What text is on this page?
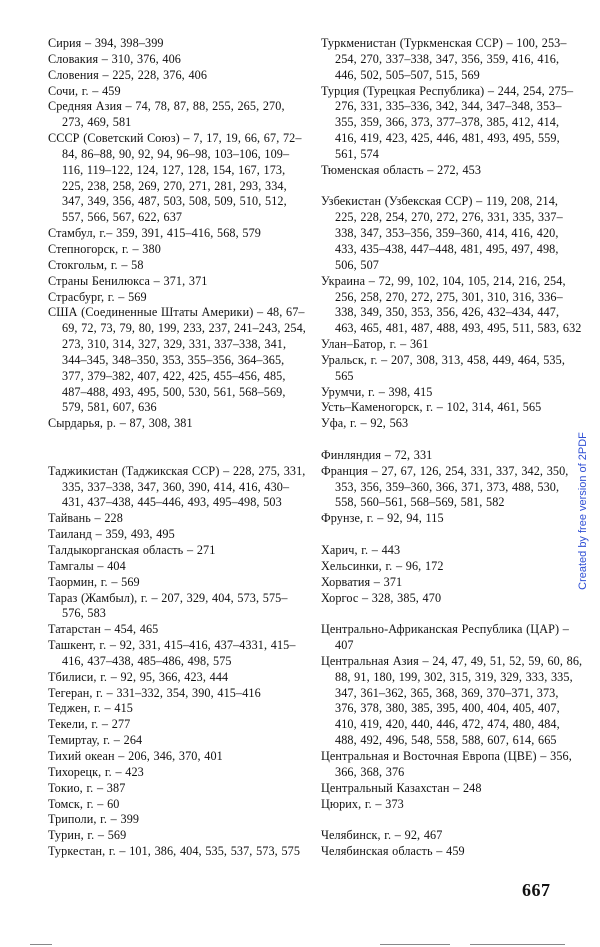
Сирия – 394, 398–399
Словакия – 310, 376, 406
Словения – 225, 228, 376, 406
Сочи, г. – 459
Средняя Азия – 74, 78, 87, 88, 255, 265, 270, 273, 469, 581
СССР (Советский Союз) – 7, 17, 19, 66, 67, 72–84, 86–88, 90, 92, 94, 96–98, 103–106, 109–116, 119–122, 124, 127, 128, 154, 167, 173, 225, 238, 258, 269, 270, 271, 281, 293, 334, 347, 349, 356, 487, 503, 508, 509, 510, 512, 557, 566, 567, 622, 637
Стамбул, г.– 359, 391, 415–416, 568, 579
Степногорск, г. – 380
Стокгольм, г. – 58
Страны Бенилюкса – 371, 371
Страсбург, г. – 569
США (Соединенные Штаты Америки) – 48, 67–69, 72, 73, 79, 80, 199, 233, 237, 241–243, 254, 273, 310, 314, 327, 329, 331, 337–338, 341, 344–345, 348–350, 353, 355–356, 364–365, 377, 379–382, 407, 422, 425, 455–456, 485, 487–488, 493, 495, 500, 530, 561, 568–569, 579, 581, 607, 636
Сырдарья, р. – 87, 308, 381
Таджикистан (Таджикская ССР) – 228, 275, 331, 335, 337–338, 347, 360, 390, 414, 416, 430–431, 437–438, 445–446, 493, 495–498, 503
Тайвань – 228
Таиланд – 359, 493, 495
Талдыкорганская область – 271
Тамгалы – 404
Таормин, г. – 569
Тараз (Жамбыл), г. – 207, 329, 404, 573, 575–576, 583
Татарстан – 454, 465
Ташкент, г. – 92, 331, 415–416, 437–4331, 415–416, 437–438, 485–486, 498, 575
Тбилиси, г. – 92, 95, 366, 423, 444
Тегеран, г. – 331–332, 354, 390, 415–416
Теджен, г. – 415
Текели, г. – 277
Темиртау, г. – 264
Тихий океан – 206, 346, 370, 401
Тихорецк, г. – 423
Токио, г. – 387
Томск, г. – 60
Триполи, г. – 399
Турин, г. – 569
Туркестан, г. – 101, 386, 404, 535, 537, 573, 575
Туркменистан (Туркменская ССР) – 100, 253–254, 270, 337–338, 347, 356, 359, 416, 416, 446, 502, 505–507, 515, 569
Турция (Турецкая Республика) – 244, 254, 275–276, 331, 335–336, 342, 344, 347–348, 353–355, 359, 366, 373, 377–378, 385, 412, 414, 416, 419, 423, 425, 446, 481, 493, 495, 559, 561, 574
Тюменская область – 272, 453
Узбекистан (Узбекская ССР) – 119, 208, 214, 225, 228, 254, 270, 272, 276, 331, 335, 337–338, 347, 353–356, 359–360, 414, 416, 420, 433, 435–438, 447–448, 481, 495, 497, 498, 506, 507
Украина – 72, 99, 102, 104, 105, 214, 216, 254, 256, 258, 270, 272, 275, 301, 310, 316, 336–338, 349, 350, 353, 356, 426, 432–434, 447, 463, 465, 481, 487, 488, 493, 495, 511, 583, 632
Улан–Батор, г. – 361
Уральск, г. – 207, 308, 313, 458, 449, 464, 535, 565
Урумчи, г. – 398, 415
Усть–Каменогорск, г. – 102, 314, 461, 565
Уфа, г. – 92, 563
Финляндия – 72, 331
Франция – 27, 67, 126, 254, 331, 337, 342, 350, 353, 356, 359–360, 366, 371, 373, 488, 530, 558, 560–561, 568–569, 581, 582
Фрунзе, г. – 92, 94, 115
Харич, г. – 443
Хельсинки, г. – 96, 172
Хорватия – 371
Хоргос – 328, 385, 470
Центрально-Африканская Республика (ЦАР) – 407
Центральная Азия – 24, 47, 49, 51, 52, 59, 60, 86, 88, 91, 180, 199, 302, 315, 319, 329, 333, 335, 347, 361–362, 365, 368, 369, 370–371, 373, 376, 378, 380, 385, 395, 400, 404, 405, 407, 410, 419, 420, 440, 446, 472, 474, 480, 484, 488, 492, 496, 548, 558, 588, 607, 614, 665
Центральная и Восточная Европа (ЦВЕ) – 356, 366, 368, 376
Центральный Казахстан – 248
Цюрих, г. – 373
Челябинск, г. – 92, 467
Челябинская область – 459
667
Created by free version of 2PDF
